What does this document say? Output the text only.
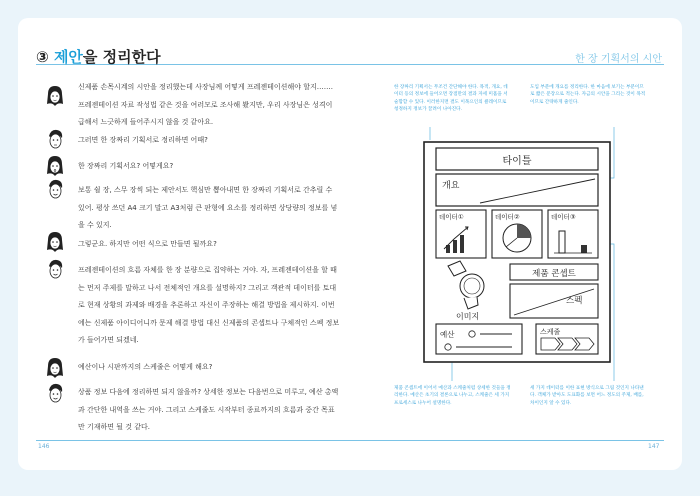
③ 제안을 정리한다	한 장 기획서의 시안

신제품 손목시계의 시안을 정리했는데 사장님께 어떻게 프레젠테이션해야 할지……. 프레젠테이션 자료 작성법 같은 것을 여러모로 조사해 봤지만, 우리 사장님은 성격이 급해서 느긋하게 들어주시지 않을 것 같아요.

그러면 한 장짜리 기획서로 정리하면 어때?

한 장짜리 기획서요? 어떻게요?

보통 쉴 장, 스무 장씩 되는 제안서도 핵심만 뽑아내면 한 장짜리 기획서로 간추릴 수 있어. 평상 쓰던 A4 크기 말고 A3처럼 큰 판형에 요소를 정리하면 상당량의 정보를 넣을 수 있지.

그렇군요. 하지만 어떤 식으로 만들면 될까요?

프레젠테이션의 흐름 자체를 한 장 분량으로 집약하는 거야. 자, 프레젠테이션을 할 때는 먼저 주제를 말하고 나서 전체적인 개요를 설명하지? 그리고 객관적 데이터를 토대로 현재 상황의 과제와 배경을 추론하고 자신이 주장하는 해결 방법을 제시하지. 이번에는 신제품 아이디어니까 문제 해결 방법 대신 신제품의 콘셉트나 구체적인 스펙 정보가 들어가면 되겠네.

예산이나 시판까지의 스케줄은 어떻게 해요?

상품 정보 다음에 정리하면 되지 않을까? 상세한 정보는 다음번으로 미루고, 예산 총액과 간단한 내역을 쓰는 거야. 그리고 스케줄도 시작부터 종료까지의 흐름과 중간 목표만 기재하면 될 것 같다.

한 장짜리 기획서는 무조건 간단해야 한다. 목적, 개요, 데이터 등의 정보에 들어오면 장점만의 결과 자세 미흡을 서술함할 수 있다. 이러한지면 결도 이목으인의 클레이므로 청정하지 정보가 끌려이 나아진다.

도입 부분에 개요를 정리한다. 한 마음에 보기는 부분이므로 짧은 문장으로 적는다. 자금의 시안을 그리는 것이 목적이므로 간략하게 줄인다.

제품 콘셉트에 이어서 예산과 스케줄처럼 상세한 것들을 정리한다. 예산은 초기의 결론으로 나누고, 스케줄은 세 가지 프로세스로 나누어 설명한다.

세 가지 데이터를 이한 표현 방식으로 그림 것인지 나타낸다. 객체가 받아도 도표화를 보면 어느 정도의 주제, 배를, 차이인지 알 수 있다.

타이틀
개요
데이터①	데이터②	데이터③
이미지
제품 콘셉트
스펙
예산	스케줄
146	147
